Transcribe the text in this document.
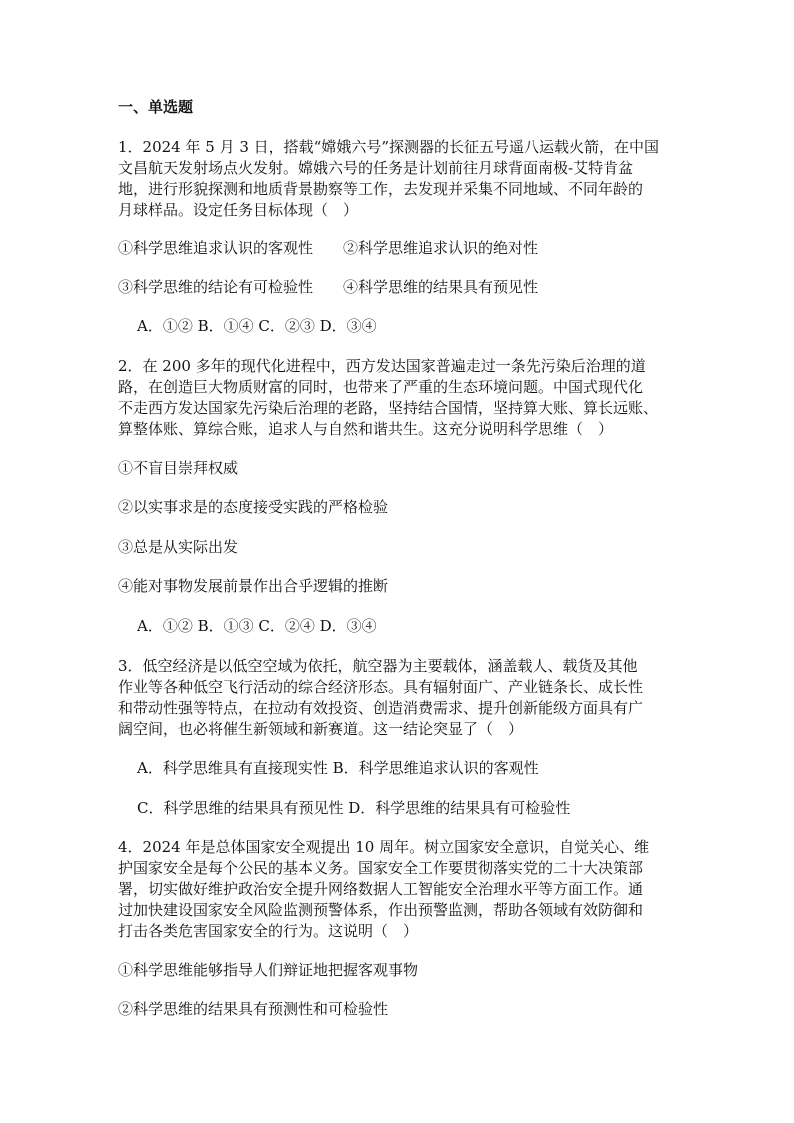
一、单选题
1．2024 年 5 月 3 日，搭载“嫦娥六号”探测器的长征五号遥八运载火箭，在中国
文昌航天发射场点火发射。嫦娥六号的任务是计划前往月球背面南极-艾特肯盆
地，进行形貌探测和地质背景勘察等工作，去发现并采集不同地域、不同年龄的
月球样品。设定任务目标体现（　）
①科学思维追求认识的客观性　　②科学思维追求认识的绝对性
③科学思维的结论有可检验性　　④科学思维的结果具有预见性
A．①② B．①④ C．②③ D．③④
2．在 200 多年的现代化进程中，西方发达国家普遍走过一条先污染后治理的道
路，在创造巨大物质财富的同时，也带来了严重的生态环境问题。中国式现代化
不走西方发达国家先污染后治理的老路，坚持结合国情，坚持算大账、算长远账、
算整体账、算综合账，追求人与自然和谐共生。这充分说明科学思维（　）
①不盲目崇拜权威
②以实事求是的态度接受实践的严格检验
③总是从实际出发
④能对事物发展前景作出合乎逻辑的推断
A．①② B．①③ C．②④ D．③④
3．低空经济是以低空空域为依托，航空器为主要载体，涵盖载人、载货及其他
作业等各种低空飞行活动的综合经济形态。具有辐射面广、产业链条长、成长性
和带动性强等特点，在拉动有效投资、创造消费需求、提升创新能级方面具有广
阔空间，也必将催生新领域和新赛道。这一结论突显了（　）
A．科学思维具有直接现实性 B．科学思维追求认识的客观性
C．科学思维的结果具有预见性 D．科学思维的结果具有可检验性
4．2024 年是总体国家安全观提出 10 周年。树立国家安全意识，自觉关心、维
护国家安全是每个公民的基本义务。国家安全工作要贯彻落实党的二十大决策部
署，切实做好维护政治安全提升网络数据人工智能安全治理水平等方面工作。通
过加快建设国家安全风险监测预警体系，作出预警监测，帮助各领域有效防御和
打击各类危害国家安全的行为。这说明（　）
①科学思维能够指导人们辩证地把握客观事物
②科学思维的结果具有预测性和可检验性
